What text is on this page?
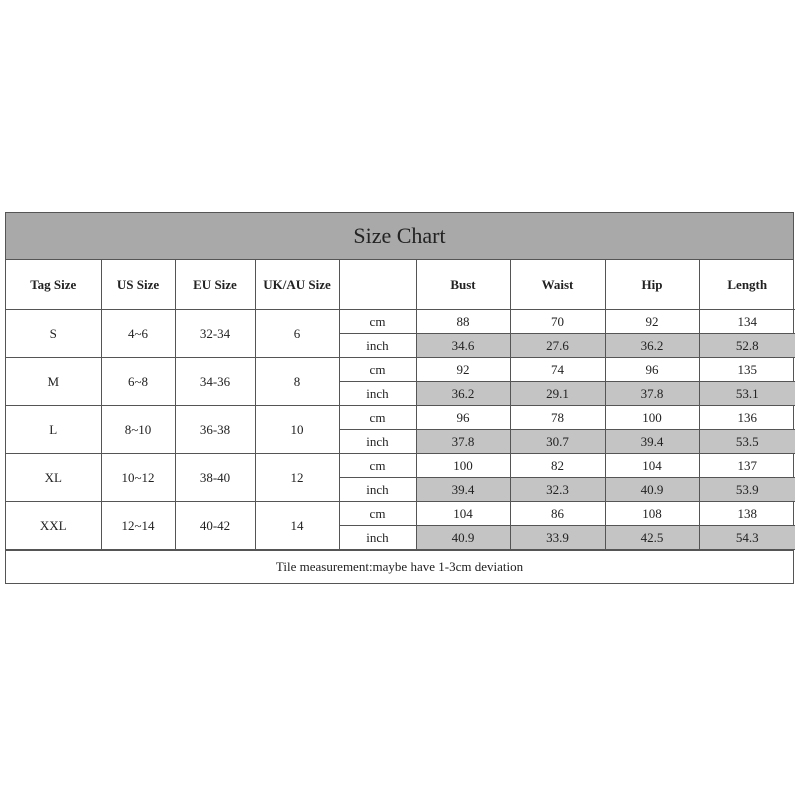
Size Chart
Tag Size	US Size	EU Size	UK/AU Size		Bust	Waist	Hip	Length
S	4~6	32-34	6	cm	88	70	92	134
				inch	34.6	27.6	36.2	52.8
M	6~8	34-36	8	cm	92	74	96	135
				inch	36.2	29.1	37.8	53.1
L	8~10	36-38	10	cm	96	78	100	136
				inch	37.8	30.7	39.4	53.5
XL	10~12	38-40	12	cm	100	82	104	137
				inch	39.4	32.3	40.9	53.9
XXL	12~14	40-42	14	cm	104	86	108	138
				inch	40.9	33.9	42.5	54.3
Tile measurement:maybe have 1-3cm deviation
